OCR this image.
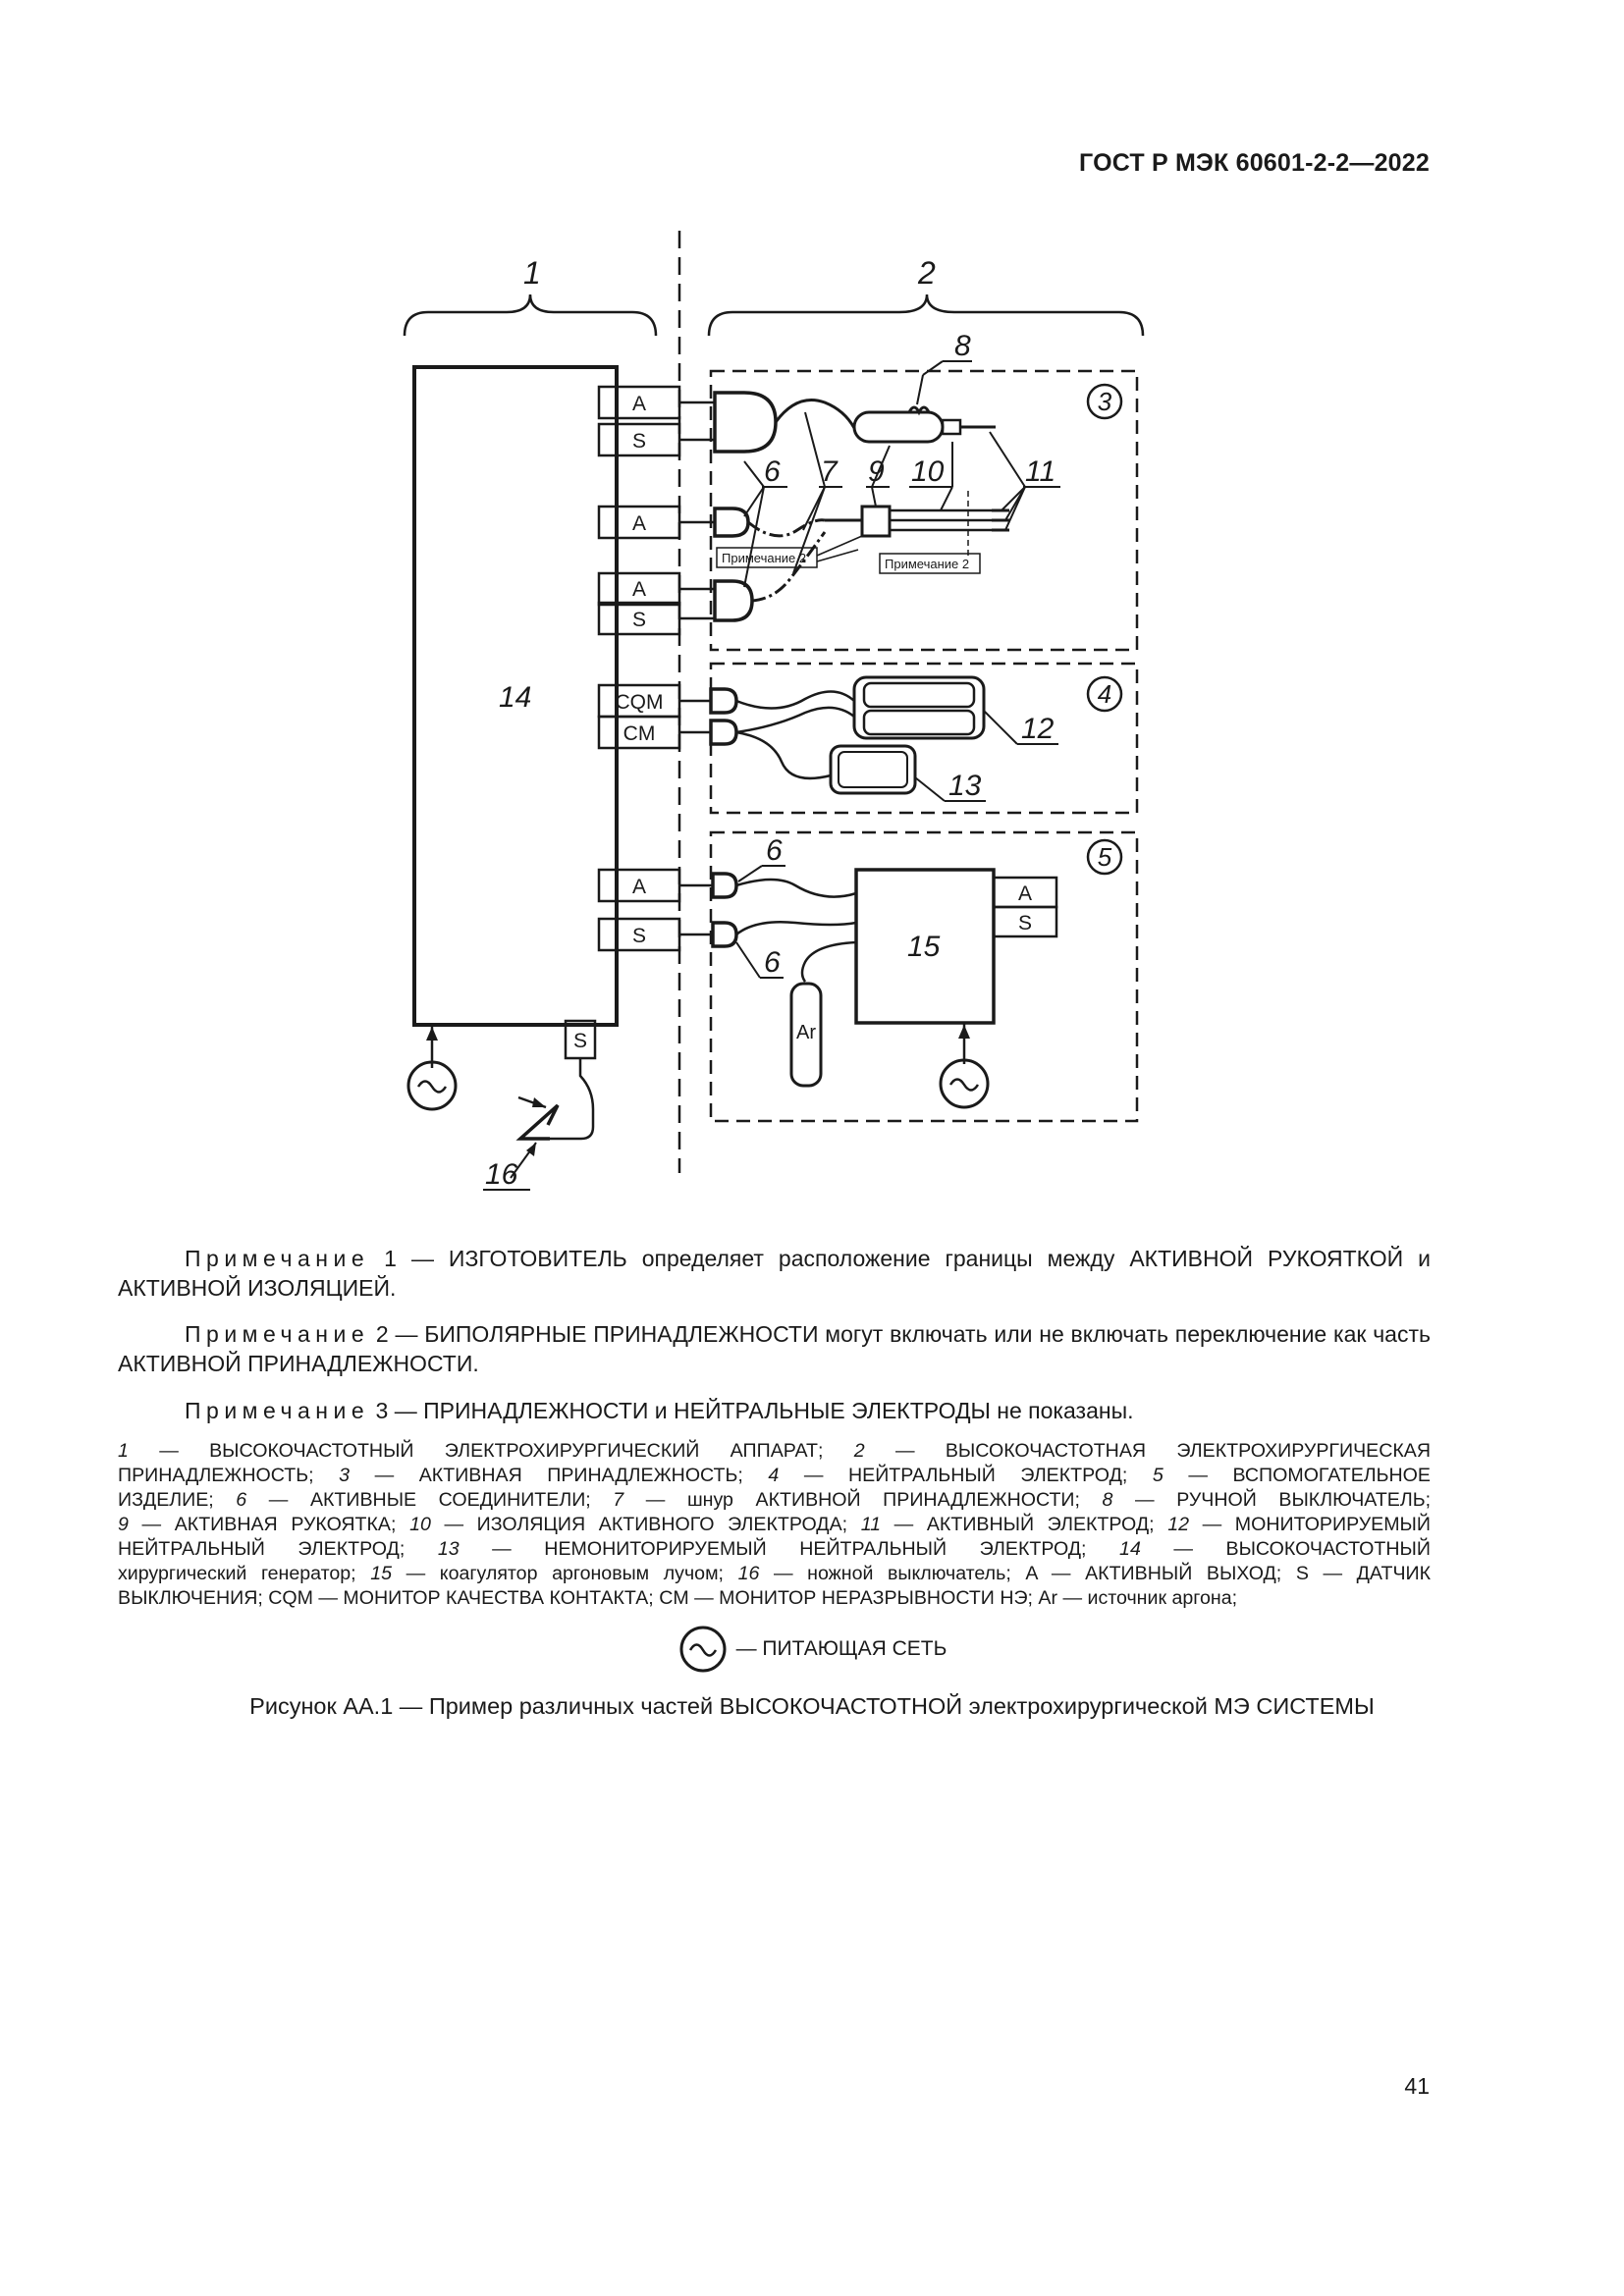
ГОСТ Р МЭК 60601-2-2—2022
1	2
14
A
S
A
A
S
CQM
CM
A
S
S
16
3
4
5
8
Примечание 2	Примечание 2
6 7 9 10	11
12
13
15
A
S
Ar
6
6
Примечание 1 — ИЗГОТОВИТЕЛЬ определяет расположение границы между АКТИВНОЙ РУКОЯТКОЙ и АКТИВНОЙ ИЗОЛЯЦИЕЙ.
Примечание 2 — БИПОЛЯРНЫЕ ПРИНАДЛЕЖНОСТИ могут включать или не включать переключение как часть АКТИВНОЙ ПРИНАДЛЕЖНОСТИ.
Примечание 3 — ПРИНАДЛЕЖНОСТИ и НЕЙТРАЛЬНЫЕ ЭЛЕКТРОДЫ не показаны.
1 — ВЫСОКОЧАСТОТНЫЙ ЭЛЕКТРОХИРУРГИЧЕСКИЙ АППАРАТ; 2 — ВЫСОКОЧАСТОТНАЯ ЭЛЕКТРОХИРУРГИЧЕСКАЯ
ПРИНАДЛЕЖНОСТЬ; 3 — АКТИВНАЯ ПРИНАДЛЕЖНОСТЬ; 4 — НЕЙТРАЛЬНЫЙ ЭЛЕКТРОД; 5 — ВСПОМОГАТЕЛЬНОЕ
ИЗДЕЛИЕ; 6 — АКТИВНЫЕ СОЕДИНИТЕЛИ; 7 — шнур АКТИВНОЙ ПРИНАДЛЕЖНОСТИ; 8 — РУЧНОЙ ВЫКЛЮЧАТЕЛЬ;
9 — АКТИВНАЯ РУКОЯТКА; 10 — ИЗОЛЯЦИЯ АКТИВНОГО ЭЛЕКТРОДА; 11 — АКТИВНЫЙ ЭЛЕКТРОД; 12 — МОНИТОРИРУЕМЫЙ
НЕЙТРАЛЬНЫЙ ЭЛЕКТРОД; 13 — НЕМОНИТОРИРУЕМЫЙ НЕЙТРАЛЬНЫЙ ЭЛЕКТРОД; 14 — ВЫСОКОЧАСТОТНЫЙ
хирургический генератор; 15 — коагулятор аргоновым лучом; 16 — ножной выключатель; A — АКТИВНЫЙ ВЫХОД; S — ДАТЧИК
ВЫКЛЮЧЕНИЯ; CQM — МОНИТОР КАЧЕСТВА КОНТАКТА; CM — МОНИТОР НЕРАЗРЫВНОСТИ НЭ; Ar — источник аргона;
— ПИТАЮЩАЯ СЕТЬ
Рисунок АА.1 — Пример различных частей ВЫСОКОЧАСТОТНОЙ электрохирургической МЭ СИСТЕМЫ
41
